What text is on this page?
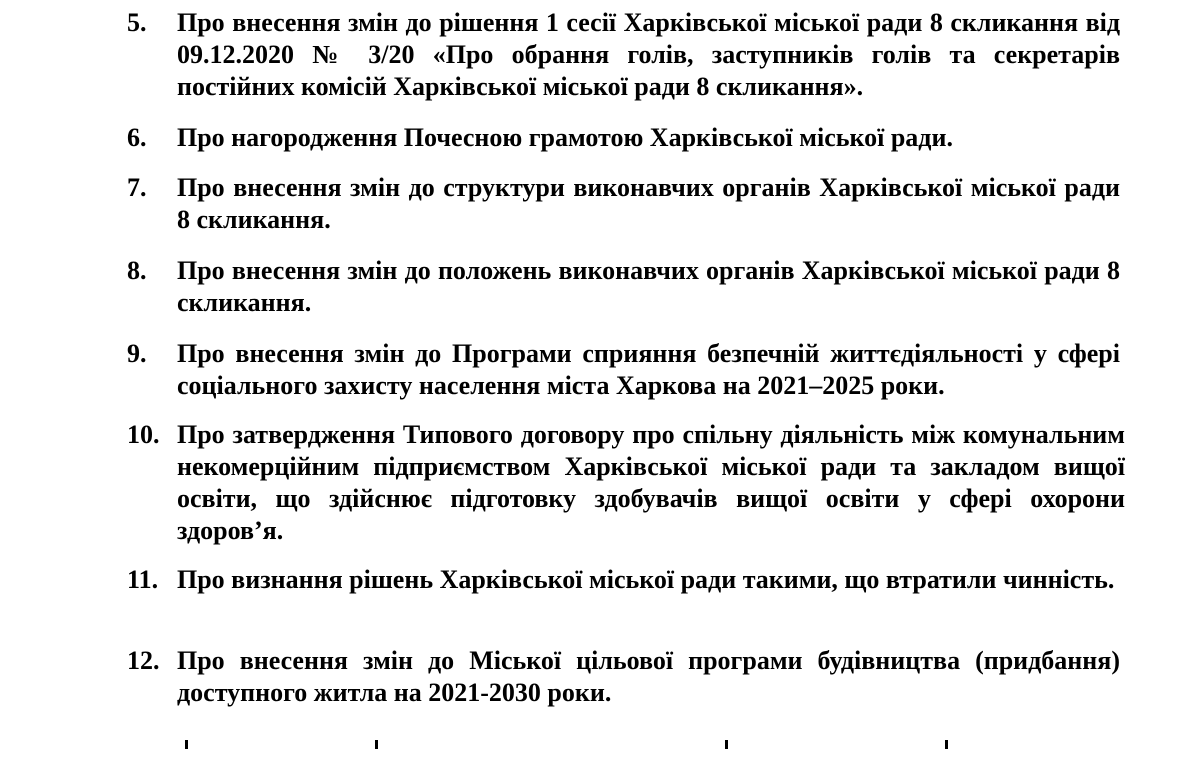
5.	Про внесення змін до рішення 1 сесії Харківської міської ради 8 скликання від 09.12.2020 № 3/20 «Про обрання голів, заступників голів та секретарів постійних комісій Харківської міської ради 8 скликання».
6.	Про нагородження Почесною грамотою Харківської міської ради.
7.	Про внесення змін до структури виконавчих органів Харківської міської ради 8 скликання.
8.	Про внесення змін до положень виконавчих органів Харківської міської ради 8 скликання.
9.	Про внесення змін до Програми сприяння безпечній життєдіяльності у сфері соціального захисту населення міста Харкова на 2021–2025 роки.
10. Про затвердження Типового договору про спільну діяльність між комунальним некомерційним підприємством Харківської міської ради та закладом вищої освіти, що здійснює підготовку здобувачів вищої освіти у сфері охорони здоров’я.
11. Про визнання рішень Харківської міської ради такими, що втратили чинність.
12. Про внесення змін до Міської цільової програми будівництва (придбання) доступного житла на 2021-2030 роки.
